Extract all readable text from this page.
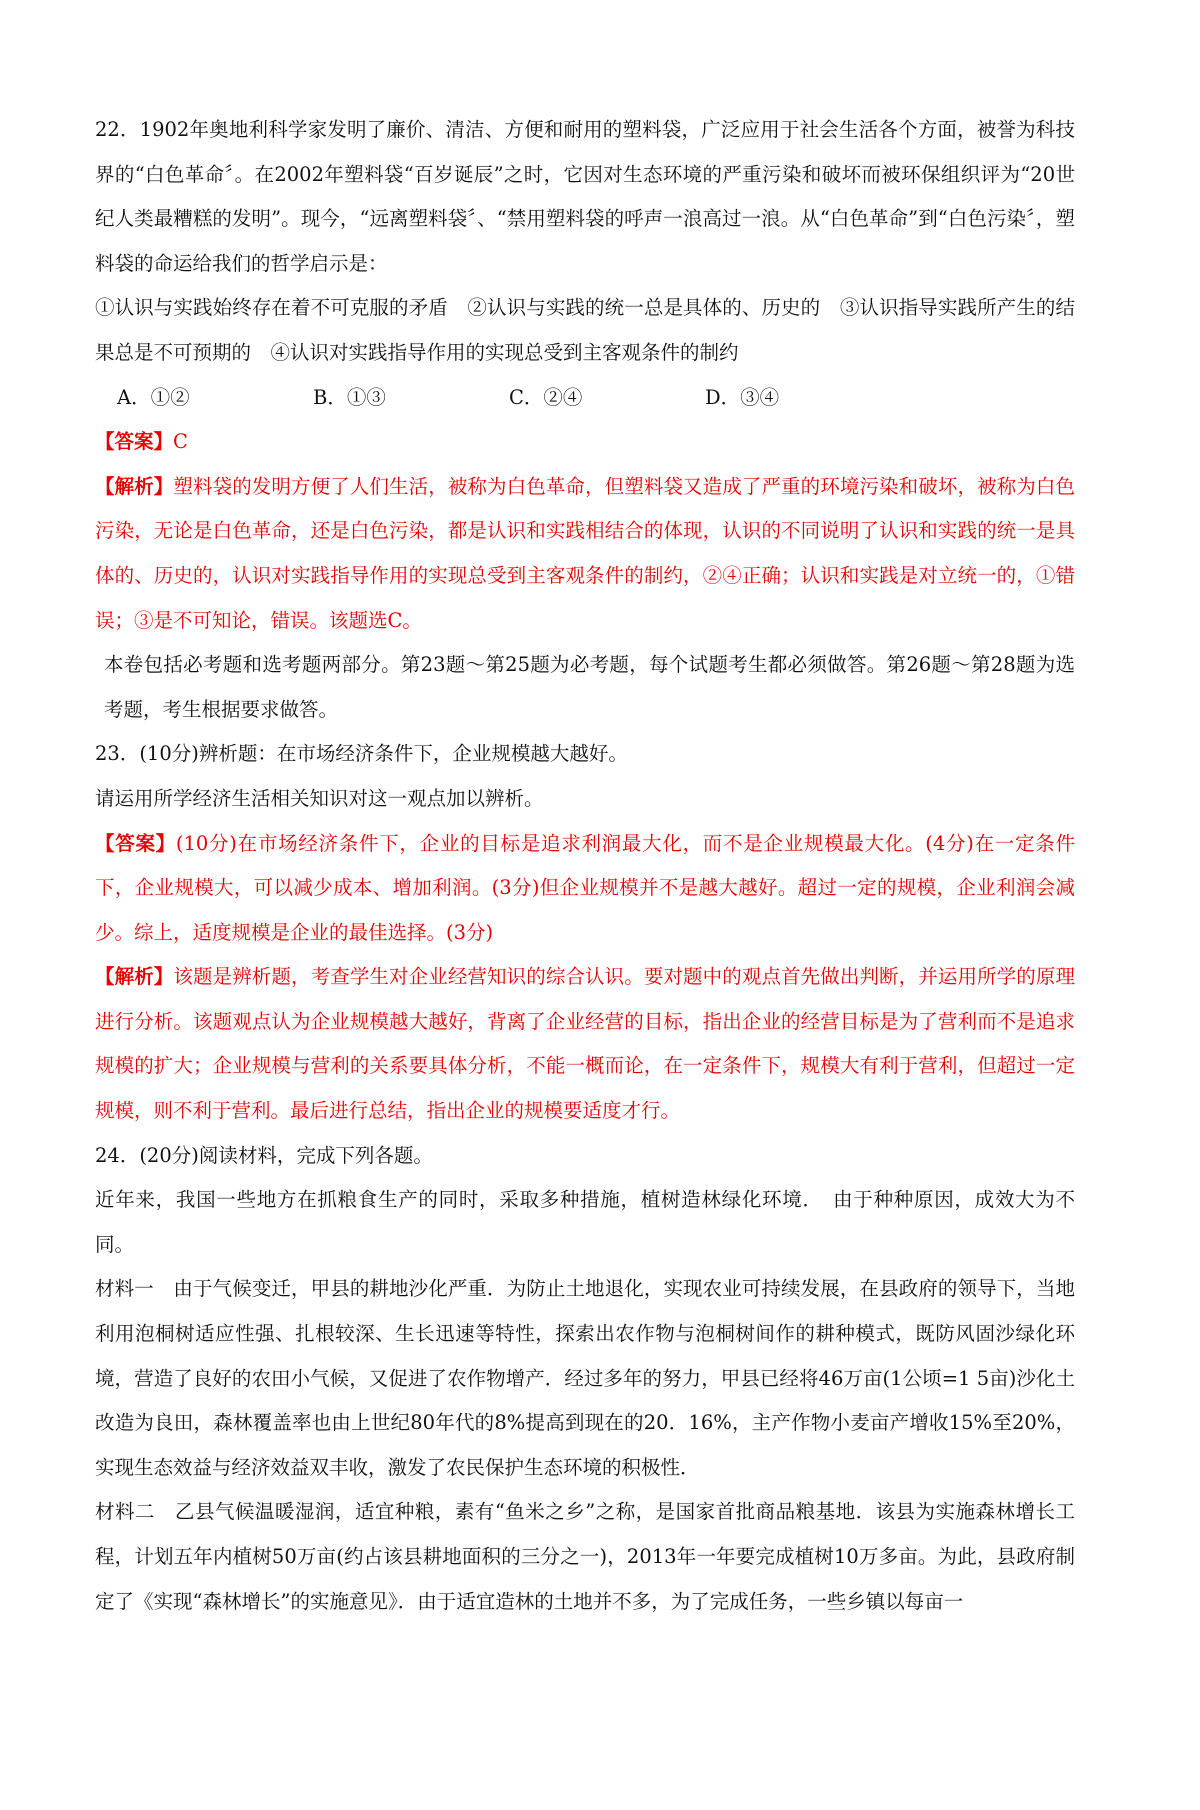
22．1902年奥地利科学家发明了廉价、清洁、方便和耐用的塑料袋，广泛应用于社会生活各个方面，被誉为科技界的“白色革命〞。在2002年塑料袋“百岁诞辰”之时，它因对生态环境的严重污染和破坏而被环保组织评为“20世纪人类最糟糕的发明”。现今，“远离塑料袋〞、“禁用塑料袋的呼声一浪高过一浪。从“白色革命”到“白色污染〞，塑料袋的命运给我们的哲学启示是：

①认识与实践始终存在着不可克服的矛盾　②认识与实践的统一总是具体的、历史的　③认识指导实践所产生的结果总是不可预期的　④认识对实践指导作用的实现总受到主客观条件的制约

A．①②	B．①③	C．②④	D．③④

【答案】C

【解析】塑料袋的发明方便了人们生活，被称为白色革命，但塑料袋又造成了严重的环境污染和破坏，被称为白色污染，无论是白色革命，还是白色污染，都是认识和实践相结合的体现，认识的不同说明了认识和实践的统一是具体的、历史的，认识对实践指导作用的实现总受到主客观条件的制约，②④正确；认识和实践是对立统一的，①错误；③是不可知论，错误。该题选C。

本卷包括必考题和选考题两部分。第23题～第25题为必考题，每个试题考生都必须做答。第26题～第28题为选考题，考生根据要求做答。

23．(10分)辨析题：在市场经济条件下，企业规模越大越好。

请运用所学经济生活相关知识对这一观点加以辨析。

【答案】(10分)在市场经济条件下，企业的目标是追求利润最大化，而不是企业规模最大化。(4分)在一定条件下，企业规模大，可以减少成本、增加利润。(3分)但企业规模并不是越大越好。超过一定的规模，企业利润会减少。综上，适度规模是企业的最佳选择。(3分)

【解析】该题是辨析题，考查学生对企业经营知识的综合认识。要对题中的观点首先做出判断，并运用所学的原理进行分析。该题观点认为企业规模越大越好，背离了企业经营的目标，指出企业的经营目标是为了营利而不是追求规模的扩大；企业规模与营利的关系要具体分析，不能一概而论，在一定条件下，规模大有利于营利，但超过一定规模，则不利于营利。最后进行总结，指出企业的规模要适度才行。

24．(20分)阅读材料，完成下列各题。

近年来，我国一些地方在抓粮食生产的同时，采取多种措施，植树造林绿化环境．　由于种种原因，成效大为不同。

材料一　由于气候变迁，甲县的耕地沙化严重．为防止土地退化，实现农业可持续发展，在县政府的领导下，当地利用泡桐树适应性强、扎根较深、生长迅速等特性，探索出农作物与泡桐树间作的耕种模式，既防风固沙绿化环境，营造了良好的农田小气候，又促进了农作物增产．经过多年的努力，甲县已经将46万亩(1公顷=1 5亩)沙化土改造为良田，森林覆盖率也由上世纪80年代的8%提高到现在的20．16%，主产作物小麦亩产增收15%至20%，实现生态效益与经济效益双丰收，激发了农民保护生态环境的积极性．

材料二　乙县气候温暖湿润，适宜种粮，素有“鱼米之乡”之称，是国家首批商品粮基地．该县为实施森林增长工程，计划五年内植树50万亩(约占该县耕地面积的三分之一)，2013年一年要完成植树10万多亩。为此，县政府制定了《实现“森林增长”的实施意见》．由于适宜造林的土地并不多，为了完成任务，一些乡镇以每亩一
